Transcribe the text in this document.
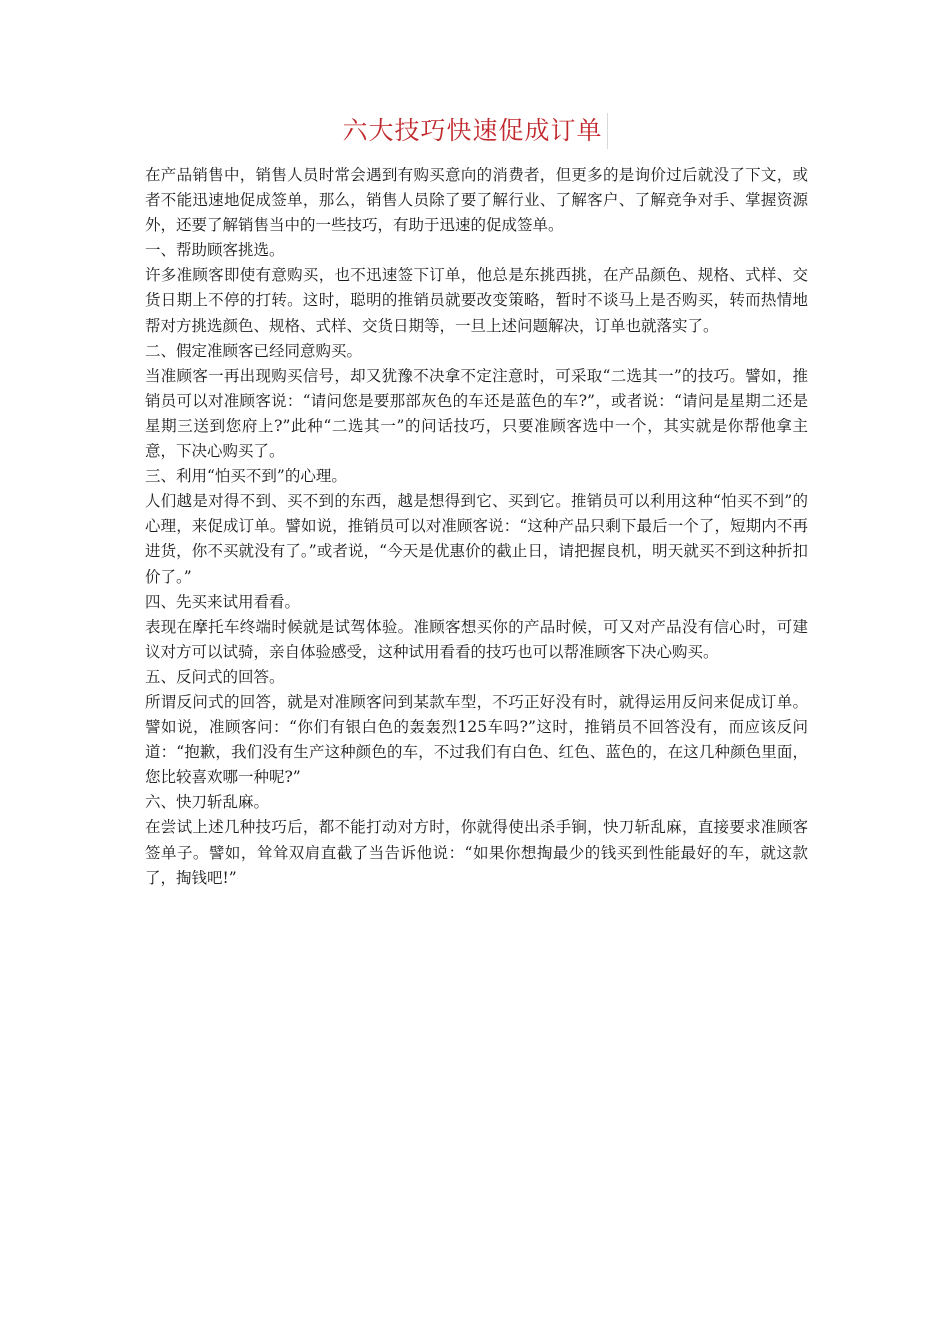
六大技巧快速促成订单

在产品销售中，销售人员时常会遇到有购买意向的消费者，但更多的是询价过后就没了下文，或者不能迅速地促成签单，那么，销售人员除了要了解行业、了解客户、了解竞争对手、掌握资源外，还要了解销售当中的一些技巧，有助于迅速的促成签单。

一、帮助顾客挑选。

许多准顾客即使有意购买，也不迅速签下订单，他总是东挑西挑，在产品颜色、规格、式样、交货日期上不停的打转。这时，聪明的推销员就要改变策略，暂时不谈马上是否购买，转而热情地帮对方挑选颜色、规格、式样、交货日期等，一旦上述问题解决，订单也就落实了。

二、假定准顾客已经同意购买。

当准顾客一再出现购买信号，却又犹豫不决拿不定注意时，可采取“二选其一”的技巧。譬如，推销员可以对准顾客说：“请问您是要那部灰色的车还是蓝色的车?”，或者说：“请问是星期二还是星期三送到您府上?”此种“二选其一”的问话技巧，只要准顾客选中一个，其实就是你帮他拿主意，下决心购买了。

三、利用“怕买不到”的心理。

人们越是对得不到、买不到的东西，越是想得到它、买到它。推销员可以利用这种“怕买不到”的心理，来促成订单。譬如说，推销员可以对准顾客说：“这种产品只剩下最后一个了，短期内不再进货，你不买就没有了。”或者说，“今天是优惠价的截止日，请把握良机，明天就买不到这种折扣价了。”

四、先买来试用看看。

表现在摩托车终端时候就是试驾体验。准顾客想买你的产品时候，可又对产品没有信心时，可建议对方可以试骑，亲自体验感受，这种试用看看的技巧也可以帮准顾客下决心购买。

五、反问式的回答。

所谓反问式的回答，就是对准顾客问到某款车型，不巧正好没有时，就得运用反问来促成订单。譬如说，准顾客问：“你们有银白色的轰轰烈125车吗?”这时，推销员不回答没有，而应该反问道：“抱歉，我们没有生产这种颜色的车，不过我们有白色、红色、蓝色的，在这几种颜色里面，您比较喜欢哪一种呢?”

六、快刀斩乱麻。

在尝试上述几种技巧后，都不能打动对方时，你就得使出杀手锏，快刀斩乱麻，直接要求准顾客签单子。譬如，耸耸双肩直截了当告诉他说：“如果你想掏最少的钱买到性能最好的车，就这款了，掏钱吧!”
